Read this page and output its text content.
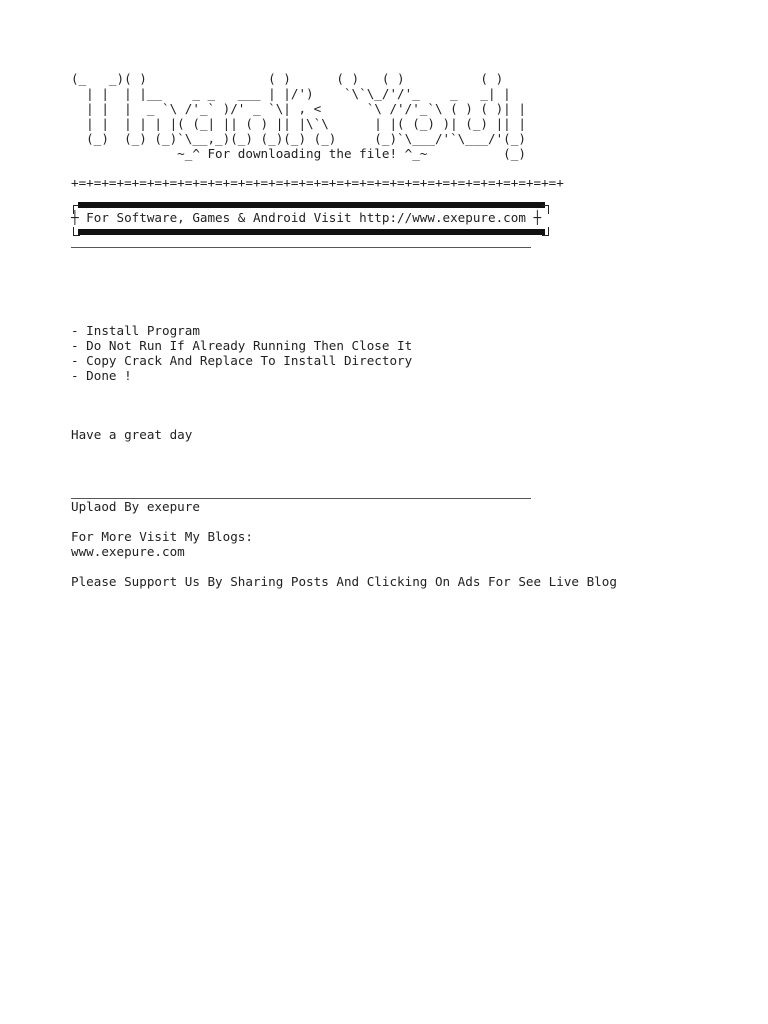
(_   _)( )                ( )      ( )   ( )          ( )
| |  | |__    _ _   ___ | |/')    `\`\_/'/'_    _   _| |
| |  |  _ `\ /'_` )/' _ `\| , <      `\ /'/'_`\ ( ) ( )| |
| |  | | | |( (_| || ( ) || |\`\      | |( (_) )| (_) || |
(_)  (_) (_)`\__,_)(_) (_)(_) (_)     (_)`\___/'`\___/'(_)
~_^ For downloading the file! ^_~          (_)
+=+=+=+=+=+=+=+=+=+=+=+=+=+=+=+=+=+=+=+=+=+=+=+=+=+=+=+=+=+=+=+=+
┼ For Software, Games & Android Visit http://www.exepure.com ┼
- Install Program
- Do Not Run If Already Running Then Close It
- Copy Crack And Replace To Install Directory
- Done !
Have a great day
Uplaod By exepure
For More Visit My Blogs:
www.exepure.com
Please Support Us By Sharing Posts And Clicking On Ads For See Live Blog
